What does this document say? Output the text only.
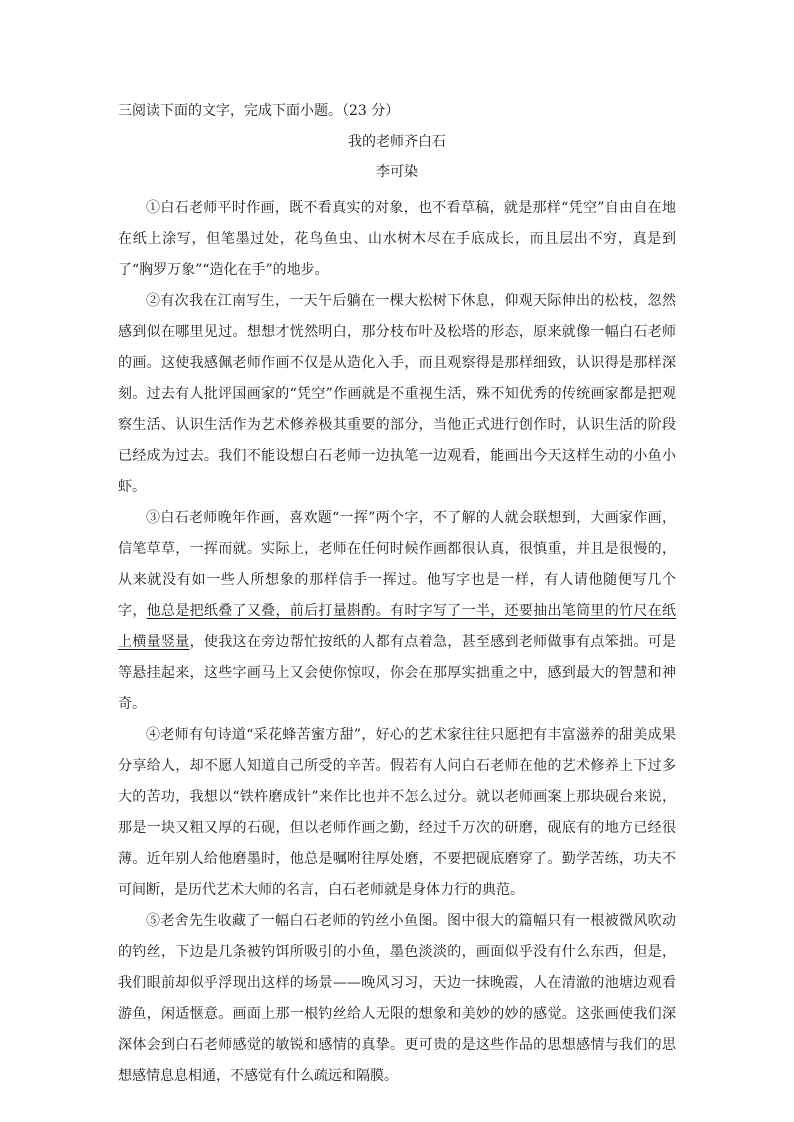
三阅读下面的文字，完成下面小题。（23 分）
我的老师齐白石
李可染

①白石老师平时作画，既不看真实的对象，也不看草稿，就是那样“凭空”自由自在地在纸上涂写，但笔墨过处，花鸟鱼虫、山水树木尽在手底成长，而且层出不穷，真是到了“胸罗万象”“造化在手”的地步。

②有次我在江南写生，一天午后躺在一棵大松树下休息，仰观天际伸出的松枝，忽然感到似在哪里见过。想想才恍然明白，那分枝布叶及松塔的形态，原来就像一幅白石老师的画。这使我感佩老师作画不仅是从造化入手，而且观察得是那样细致，认识得是那样深刻。过去有人批评国画家的“凭空”作画就是不重视生活，殊不知优秀的传统画家都是把观察生活、认识生活作为艺术修养极其重要的部分，当他正式进行创作时，认识生活的阶段已经成为过去。我们不能设想白石老师一边执笔一边观看，能画出今天这样生动的小鱼小虾。

③白石老师晚年作画，喜欢题“一挥”两个字，不了解的人就会联想到，大画家作画，信笔草草，一挥而就。实际上，老师在任何时候作画都很认真，很慎重，并且是很慢的，从来就没有如一些人所想象的那样信手一挥过。他写字也是一样，有人请他随便写几个字，他总是把纸叠了又叠，前后打量斟酌。有时字写了一半，还要抽出笔筒里的竹尺在纸上横量竖量，使我这在旁边帮忙按纸的人都有点着急，甚至感到老师做事有点笨拙。可是等悬挂起来，这些字画马上又会使你惊叹，你会在那厚实拙重之中，感到最大的智慧和神奇。

④老师有句诗道“采花蜂苦蜜方甜”，好心的艺术家往往只愿把有丰富滋养的甜美成果分享给人，却不愿人知道自己所受的辛苦。假若有人问白石老师在他的艺术修养上下过多大的苦功，我想以“铁杵磨成针”来作比也并不怎么过分。就以老师画案上那块砚台来说，那是一块又粗又厚的石砚，但以老师作画之勤，经过千万次的研磨，砚底有的地方已经很薄。近年别人给他磨墨时，他总是嘱咐往厚处磨，不要把砚底磨穿了。勤学苦练，功夫不可间断，是历代艺术大师的名言，白石老师就是身体力行的典范。

⑤老舍先生收藏了一幅白石老师的钓丝小鱼图。图中很大的篇幅只有一根被微风吹动的钓丝，下边是几条被钓饵所吸引的小鱼，墨色淡淡的，画面似乎没有什么东西，但是，我们眼前却似乎浮现出这样的场景——晚风习习，天边一抹晚霞，人在清澈的池塘边观看游鱼，闲适惬意。画面上那一根钓丝给人无限的想象和美妙的妙的感觉。这张画使我们深深体会到白石老师感觉的敏锐和感情的真挚。更可贵的是这些作品的思想感情与我们的思想感情息息相通，不感觉有什么疏远和隔膜。
